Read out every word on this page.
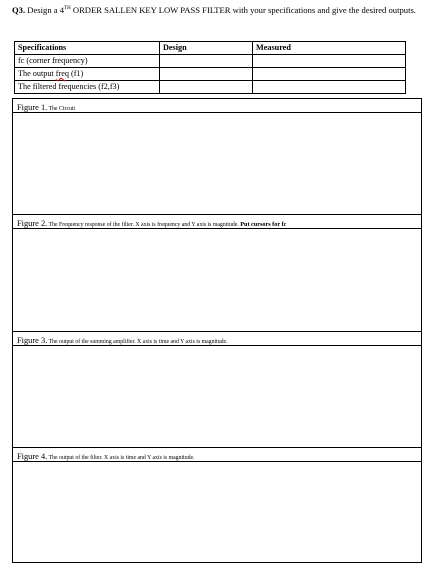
Q3. Design a 4TH ORDER SALLEN KEY LOW PASS FILTER with your specifications and give the desired outputs.
Specifications	Design	Measured
fc (corner frequency)		
The output freq (f1)		
The filtered frequencies (f2,f3)		
Figure 1. The Circuit
Figure 2. The Frequency response of the filter. X axis is frequency and Y axis is magnitude. Put cursors for fc
Figure 3. The output of the summing amplifier. X axis is time and Y axis is magnitude.
Figure 4. The output of the filter. X axis is time and Y axis is magnitude.
